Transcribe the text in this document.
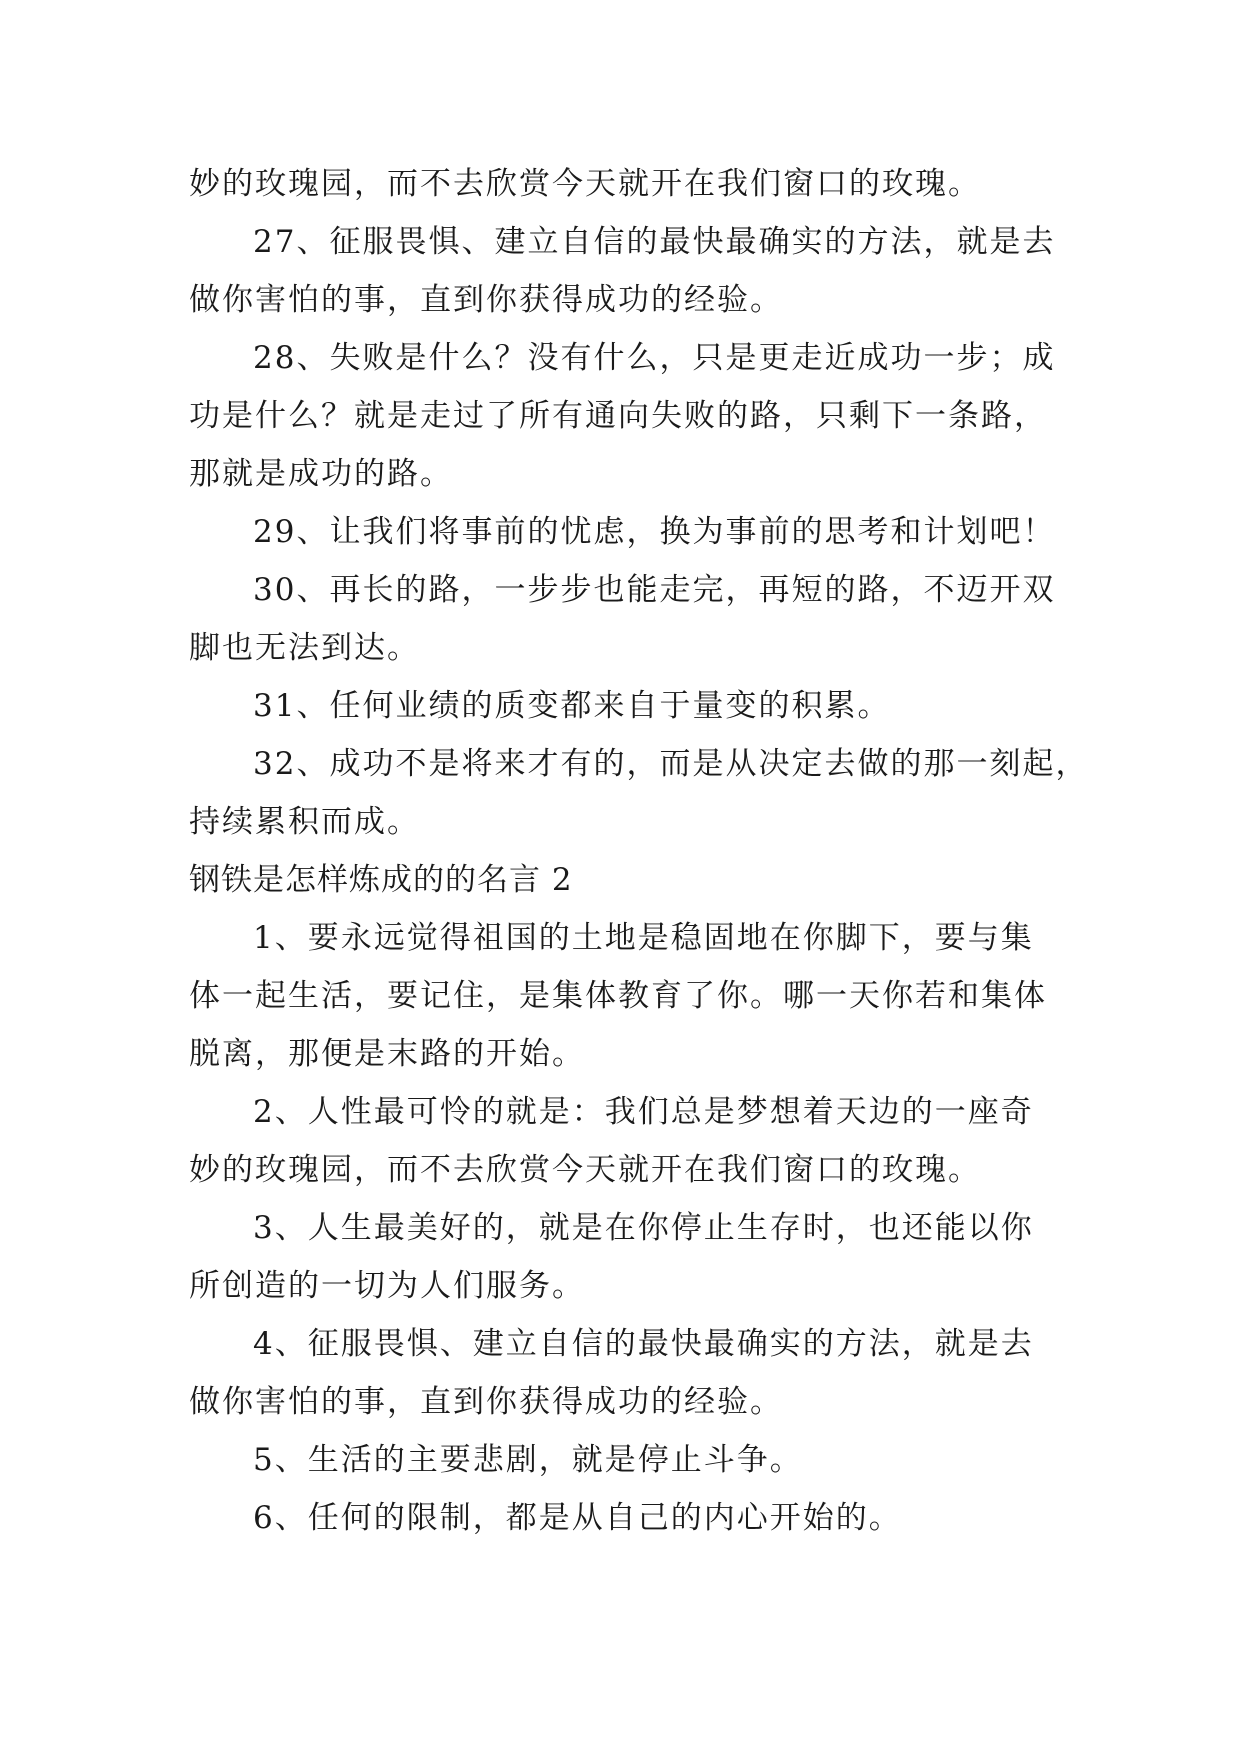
妙的玫瑰园，而不去欣赏今天就开在我们窗口的玫瑰。
27、征服畏惧、建立自信的最快最确实的方法，就是去
做你害怕的事，直到你获得成功的经验。
28、失败是什么？没有什么，只是更走近成功一步；成
功是什么？就是走过了所有通向失败的路，只剩下一条路，
那就是成功的路。
29、让我们将事前的忧虑，换为事前的思考和计划吧！
30、再长的路，一步步也能走完，再短的路，不迈开双
脚也无法到达。
31、任何业绩的质变都来自于量变的积累。
32、成功不是将来才有的，而是从决定去做的那一刻起，
持续累积而成。
钢铁是怎样炼成的的名言 2
1、要永远觉得祖国的土地是稳固地在你脚下，要与集
体一起生活，要记住，是集体教育了你。哪一天你若和集体
脱离，那便是末路的开始。
2、人性最可怜的就是：我们总是梦想着天边的一座奇
妙的玫瑰园，而不去欣赏今天就开在我们窗口的玫瑰。
3、人生最美好的，就是在你停止生存时，也还能以你
所创造的一切为人们服务。
4、征服畏惧、建立自信的最快最确实的方法，就是去
做你害怕的事，直到你获得成功的经验。
5、生活的主要悲剧，就是停止斗争。
6、任何的限制，都是从自己的内心开始的。
